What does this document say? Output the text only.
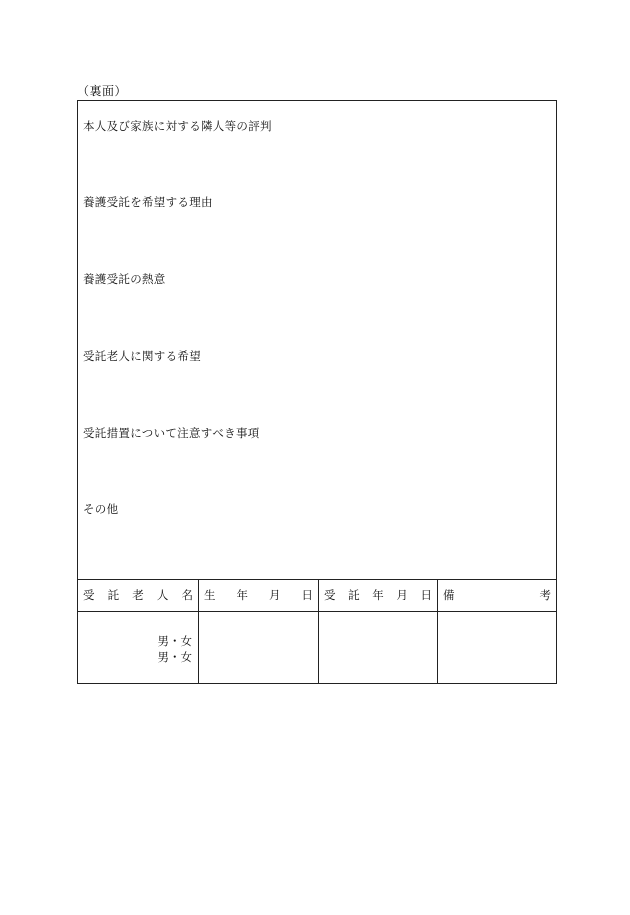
（裏面）
本人及び家族に対する隣人等の評判
養護受託を希望する理由
養護受託の熱意
受託老人に関する希望
受託措置について注意すべき事項
その他
受 託 老 人 名 生 年 月 日 受 託 年 月 日 備	考
男・女
男・女
